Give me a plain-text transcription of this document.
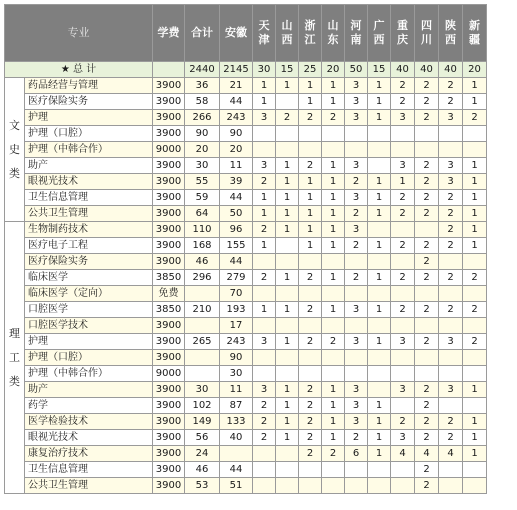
专业		学费	合计	安徽	天津	山西	浙江	山东	河南	广西	重庆	四川	陕西	新疆
★ 总 计			2440	2145	30	15	25	20	50	15	40	40	40	20
文史类	药品经营与管理	3900	36	21	1	1	1	1	3	1	2	2	2	1
	医疗保险实务	3900	58	44	1		1	1	3	1	2	2	2	1
	护理	3900	266	243	3	2	2	2	3	1	3	2	3	2
	护理（口腔）	3900	90	90										
	护理（中韩合作）	9000	20	20										
	助产	3900	30	11	3	1	2	1	3		3	2	3	1
	眼视光技术	3900	55	39	2	1	1	1	2	1	1	2	3	1
	卫生信息管理	3900	59	44	1	1	1	1	3	1	2	2	2	1
	公共卫生管理	3900	64	50	1	1	1	1	2	1	2	2	2	1
理工类	生物制药技术	3900	110	96	2	1	1	1	3				2	1
	医疗电子工程	3900	168	155	1		1	1	2	1	2	2	2	1
	医疗保险实务	3900	46	44								2		
	临床医学	3850	296	279	2	1	2	1	2	1	2	2	2	2
	临床医学（定向）	免费		70										
	口腔医学	3850	210	193	1	1	2	1	3	1	2	2	2	2
	口腔医学技术	3900		17										
	护理	3900	265	243	3	1	2	2	3	1	3	2	3	2
	护理（口腔）	3900		90										
	护理（中韩合作）	9000		30										
	助产	3900	30	11	3	1	2	1	3		3	2	3	1
	药学	3900	102	87	2	1	2	1	3	1		2		
	医学检验技术	3900	149	133	2	1	2	1	3	1	2	2	2	1
	眼视光技术	3900	56	40	2	1	2	1	2	1	3	2	2	1
	康复治疗技术	3900	24				2	2	6	1	4	4	4	1
	卫生信息管理	3900	46	44								2		
	公共卫生管理	3900	53	51								2		
